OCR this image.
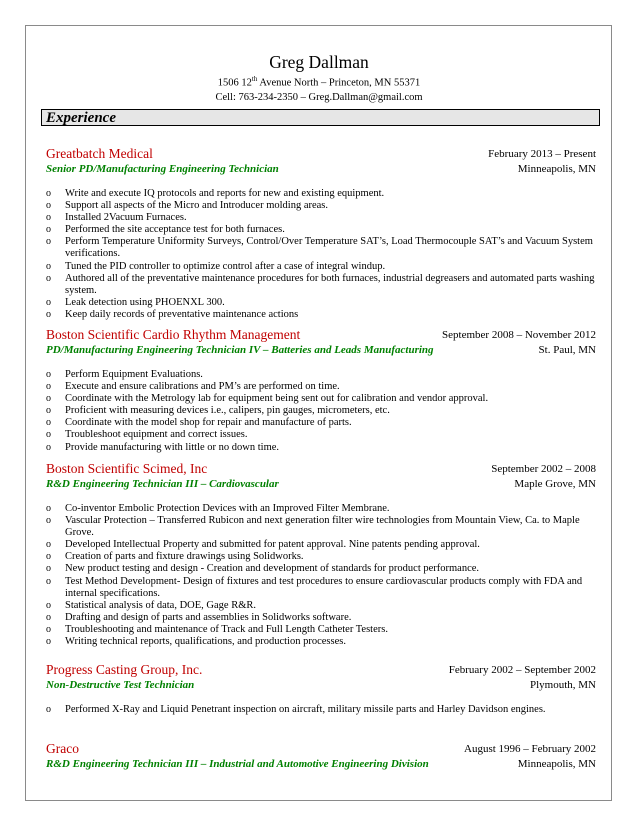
Greg Dallman
1506 12th Avenue North – Princeton, MN 55371
Cell: 763-234-2350 – Greg.Dallman@gmail.com
Experience
Greatbatch Medical	February 2013 – Present
Senior PD/Manufacturing Engineering Technician	Minneapolis, MN
o Write and execute IQ protocols and reports for new and existing equipment.
o Support all aspects of the Micro and Introducer molding areas.
o Installed 2Vacuum Furnaces.
o Performed the site acceptance test for both furnaces.
o Perform Temperature Uniformity Surveys, Control/Over Temperature SAT’s, Load Thermocouple SAT’s and Vacuum System verifications.
o Tuned the PID controller to optimize control after a case of integral windup.
o Authored all of the preventative maintenance procedures for both furnaces, industrial degreasers and automated parts washing system.
o Leak detection using PHOENXL 300.
o Keep daily records of preventative maintenance actions
Boston Scientific Cardio Rhythm Management	September 2008 – November 2012
PD/Manufacturing Engineering Technician IV – Batteries and Leads Manufacturing	St. Paul, MN
o Perform Equipment Evaluations.
o Execute and ensure calibrations and PM’s are performed on time.
o Coordinate with the Metrology lab for equipment being sent out for calibration and vendor approval.
o Proficient with measuring devices i.e., calipers, pin gauges, micrometers, etc.
o Coordinate with the model shop for repair and manufacture of parts.
o Troubleshoot equipment and correct issues.
o Provide manufacturing with little or no down time.
Boston Scientific Scimed, Inc	September 2002 – 2008
R&D Engineering Technician III – Cardiovascular	Maple Grove, MN
o Co-inventor Embolic Protection Devices with an Improved Filter Membrane.
o Vascular Protection – Transferred Rubicon and next generation filter wire technologies from Mountain View, Ca. to Maple Grove.
o Developed Intellectual Property and submitted for patent approval. Nine patents pending approval.
o Creation of parts and fixture drawings using Solidworks.
o New product testing and design - Creation and development of standards for product performance.
o Test Method Development- Design of fixtures and test procedures to ensure cardiovascular products comply with FDA and internal specifications.
o Statistical analysis of data, DOE, Gage R&R.
o Drafting and design of parts and assemblies in Solidworks software.
o Troubleshooting and maintenance of Track and Full Length Catheter Testers.
o Writing technical reports, qualifications, and production processes.
Progress Casting Group, Inc.	February 2002 – September 2002
Non-Destructive Test Technician	Plymouth, MN
o Performed X-Ray and Liquid Penetrant inspection on aircraft, military missile parts and Harley Davidson engines.
Graco	August 1996 – February 2002
R&D Engineering Technician III – Industrial and Automotive Engineering Division	Minneapolis, MN
